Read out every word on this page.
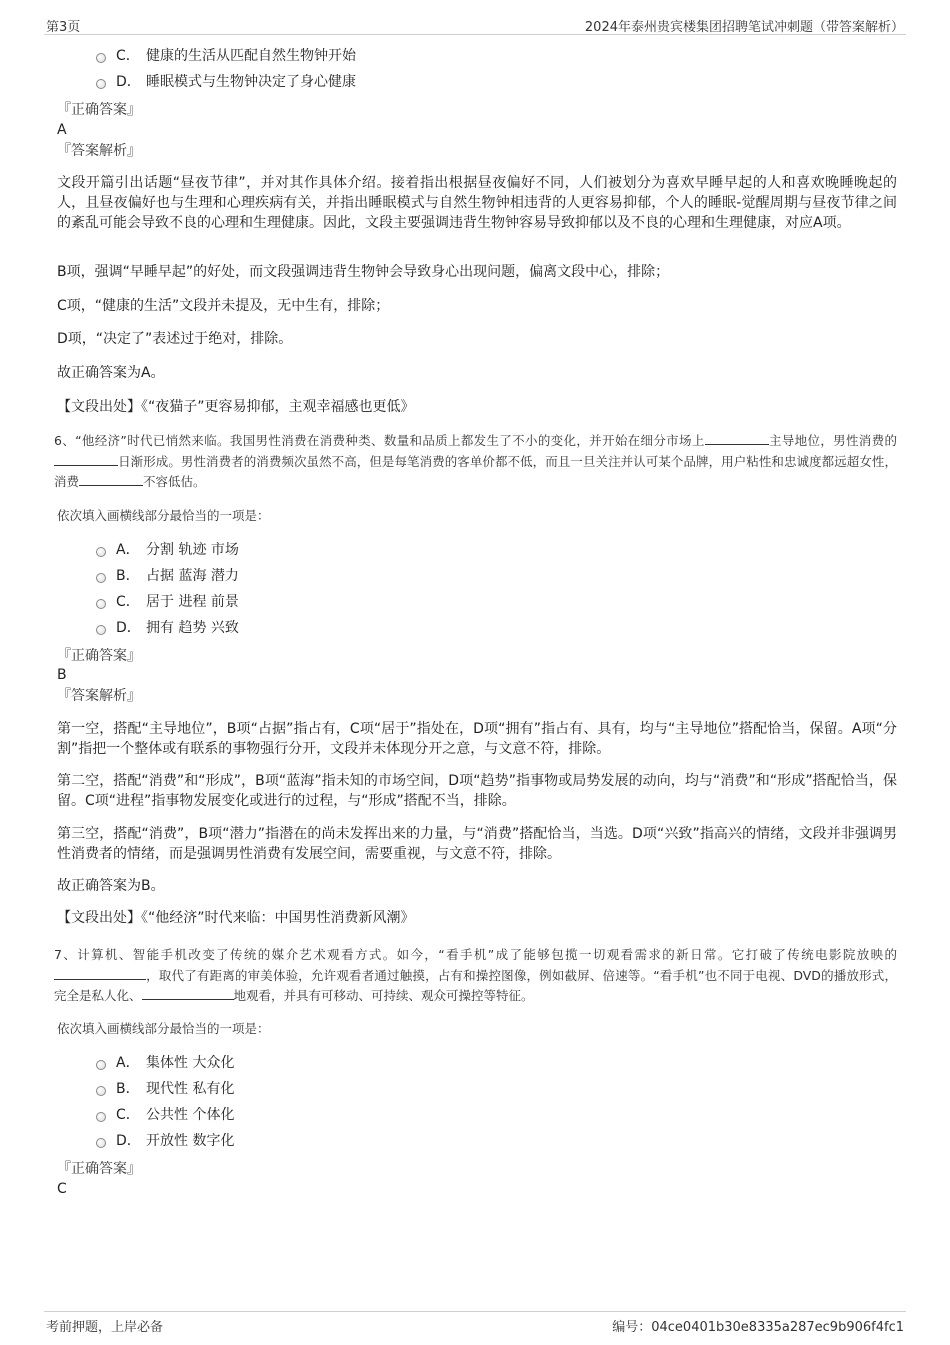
第3页	2024年泰州贵宾楼集团招聘笔试冲刺题（带答案解析）
C． 健康的生活从匹配自然生物钟开始
D． 睡眠模式与生物钟决定了身心健康
『正确答案』
A
『答案解析』
文段开篇引出话题“昼夜节律”，并对其作具体介绍。接着指出根据昼夜偏好不同，人们被划分为喜欢早睡早起的人和喜欢晚睡晚起的人，且昼夜偏好也与生理和心理疾病有关，并指出睡眠模式与自然生物钟相违背的人更容易抑郁，个人的睡眠-觉醒周期与昼夜节律之间的紊乱可能会导致不良的心理和生理健康。因此，文段主要强调违背生物钟容易导致抑郁以及不良的心理和生理健康，对应A项。
B项，强调“早睡早起”的好处，而文段强调违背生物钟会导致身心出现问题，偏离文段中心，排除；
C项，“健康的生活”文段并未提及，无中生有，排除；
D项，“决定了”表述过于绝对，排除。
故正确答案为A。
【文段出处】《“夜猫子”更容易抑郁，主观幸福感也更低》
6、“他经济”时代已悄然来临。我国男性消费在消费种类、数量和品质上都发生了不小的变化，并开始在细分市场上	主导地位，男性消费的日渐形成。男性消费者的消费频次虽然不高，但是每笔消费的客单价都不低，而且一旦关注并认可某个品牌，用户粘性和忠诚度都远超女性，消费	不容低估。
依次填入画横线部分最恰当的一项是：
A． 分割 轨迹 市场
B． 占据 蓝海 潜力
C． 居于 进程 前景
D． 拥有 趋势 兴致
『正确答案』
B
『答案解析』
第一空，搭配“主导地位”，B项“占据”指占有，C项“居于”指处在，D项“拥有”指占有、具有，均与“主导地位”搭配恰当，保留。A项“分割”指把一个整体或有联系的事物强行分开，文段并未体现分开之意，与文意不符，排除。
第二空，搭配“消费”和“形成”，B项“蓝海”指未知的市场空间，D项“趋势”指事物或局势发展的动向，均与“消费”和“形成”搭配恰当，保留。C项“进程”指事物发展变化或进行的过程，与“形成”搭配不当，排除。
第三空，搭配“消费”，B项“潜力”指潜在的尚未发挥出来的力量，与“消费”搭配恰当，当选。D项“兴致”指高兴的情绪，文段并非强调男性消费者的情绪，而是强调男性消费有发展空间，需要重视，与文意不符，排除。
故正确答案为B。
【文段出处】《“他经济”时代来临：中国男性消费新风潮》
7、计算机、智能手机改变了传统的媒介艺术观看方式。如今，“看手机”成了能够包揽一切观看需求的新日常。它打破了传统电影院放映的，取代了有距离的审美体验，允许观看者通过触摸，占有和操控图像，例如截屏、倍速等。“看手机”也不同于电视、DVD的播放形式，完全是私人化、	地观看，并具有可移动、可持续、观众可操控等特征。
依次填入画横线部分最恰当的一项是：
A． 集体性 大众化
B． 现代性 私有化
C． 公共性 个体化
D． 开放性 数字化
『正确答案』
C
考前押题，上岸必备	编号：04ce0401b30e8335a287ec9b906f4fc1
